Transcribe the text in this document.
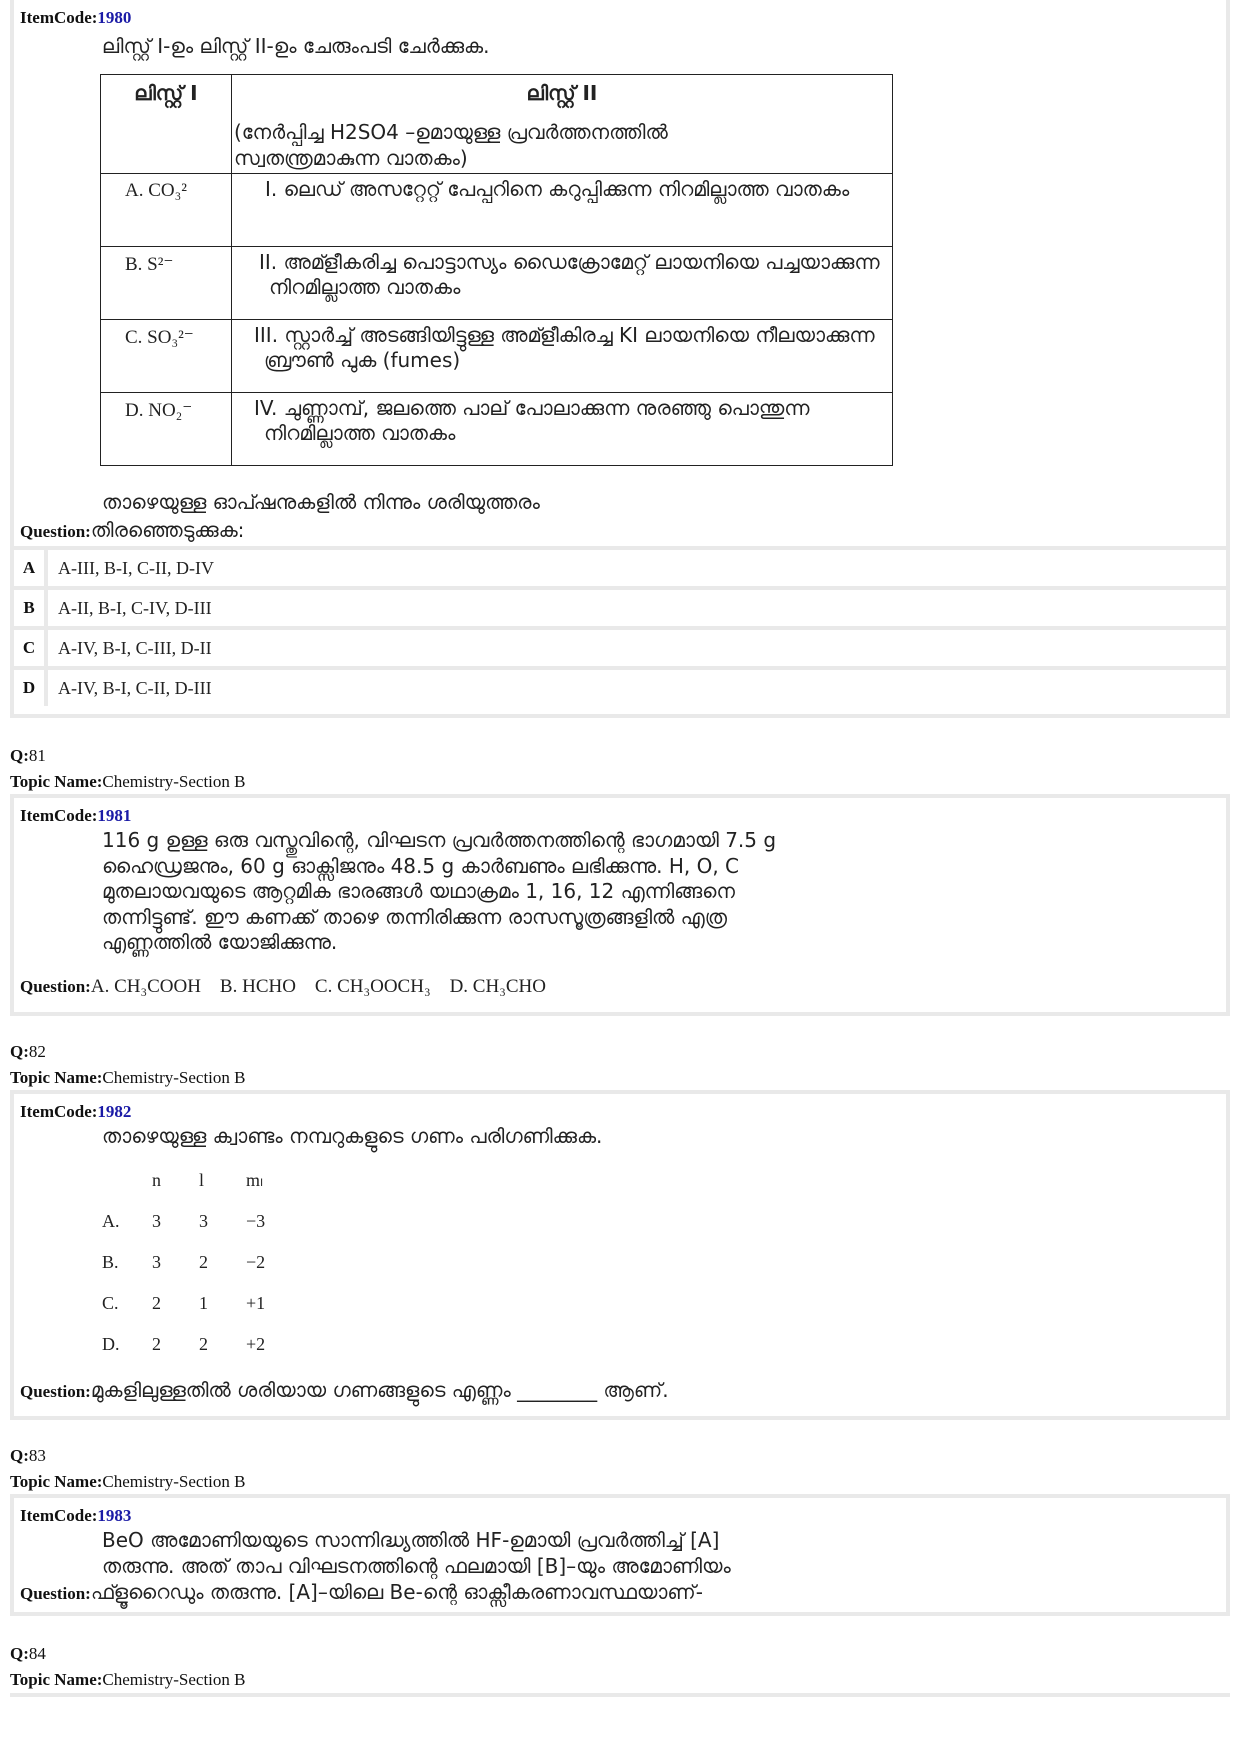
ItemCode:1980
ലിസ്റ്റ് I-ഉം ലിസ്റ്റ് II-ഉം ചേരുംപടി ചേർക്കുക.
ലിസ്റ്റ് I	ലിസ്റ്റ് II
(നേർപ്പിച്ച H2SO4 –ഉമായുള്ള പ്രവർത്തനത്തിൽ സ്വതന്ത്രമാകുന്ന വാതകം)

A. CO₃²	I. ലെഡ് അസറ്റേറ്റ് പേപ്പറിനെ കറുപ്പിക്കുന്ന നിറമില്ലാത്ത വാതകം

B. S²⁻	II. അമ്ളീകരിച്ച പൊട്ടാസ്യം ഡൈക്രോമേറ്റ് ലായനിയെ പച്ചയാക്കുന്ന നിറമില്ലാത്ത വാതകം

C. SO₃²⁻	III. സ്റ്റാർച്ച് അടങ്ങിയിട്ടുള്ള അമ്ളീകിരച്ച KI ലായനിയെ നീലയാക്കുന്ന ബ്രൗൺ പുക (fumes)

D. NO₂⁻	IV. ചുണ്ണാമ്പ്, ജലത്തെ പാല് പോലാക്കുന്ന നുരഞ്ഞു പൊന്തുന്ന നിറമില്ലാത്ത വാതകം
താഴെയുള്ള ഓപ്ഷനുകളിൽ നിന്നും ശരിയുത്തരം
Question:തിരഞ്ഞെടുക്കുക:
A	A-III, B-I, C-II, D-IV
B	A-II, B-I, C-IV, D-III
C	A-IV, B-I, C-III, D-II
D	A-IV, B-I, C-II, D-III
Q:81
Topic Name:Chemistry-Section B
ItemCode:1981
116 g ഉള്ള ഒരു വസ്തുവിന്റെ, വിഘടന പ്രവർത്തനത്തിന്റെ ഭാഗമായി 7.5 g
ഹൈഡ്രജനും, 60 g ഓക്സിജനും 48.5 g കാർബണും ലഭിക്കുന്നു. H, O, C
മുതലായവയുടെ ആറ്റമിക ഭാരങ്ങൾ യഥാക്രമം 1, 16, 12 എന്നിങ്ങനെ
തന്നിട്ടുണ്ട്. ഈ കണക്ക് താഴെ തന്നിരിക്കുന്ന രാസസൂത്രങ്ങളിൽ എത്ര
എണ്ണത്തിൽ യോജിക്കുന്നു.
Question:A. CH₃COOH    B. HCHO    C. CH₃OOCH₃    D. CH₃CHO
Q:82
Topic Name:Chemistry-Section B
ItemCode:1982
താഴെയുള്ള ക്വാണ്ടം നമ്പറുകളുടെ ഗണം പരിഗണിക്കുക.
	n	l	mₗ
A.	3	3	−3
B.	3	2	−2
C.	2	1	+1
D.	2	2	+2
Question:മുകളിലുള്ളതിൽ ശരിയായ ഗണങ്ങളുടെ എണ്ണം ________ ആണ്.
Q:83
Topic Name:Chemistry-Section B
ItemCode:1983
BeO അമോണിയയുടെ സാന്നിദ്ധ്യത്തിൽ HF-ഉമായി പ്രവർത്തിച്ച് [A]
തരുന്നു. അത് താപ വിഘടനത്തിന്റെ ഫലമായി [B]–യും അമോണിയം
Question:ഫ്ളൂറൈഡും തരുന്നു. [A]–യിലെ Be-ന്റെ ഓക്സീകരണാവസ്ഥയാണ്-
Q:84
Topic Name:Chemistry-Section B
